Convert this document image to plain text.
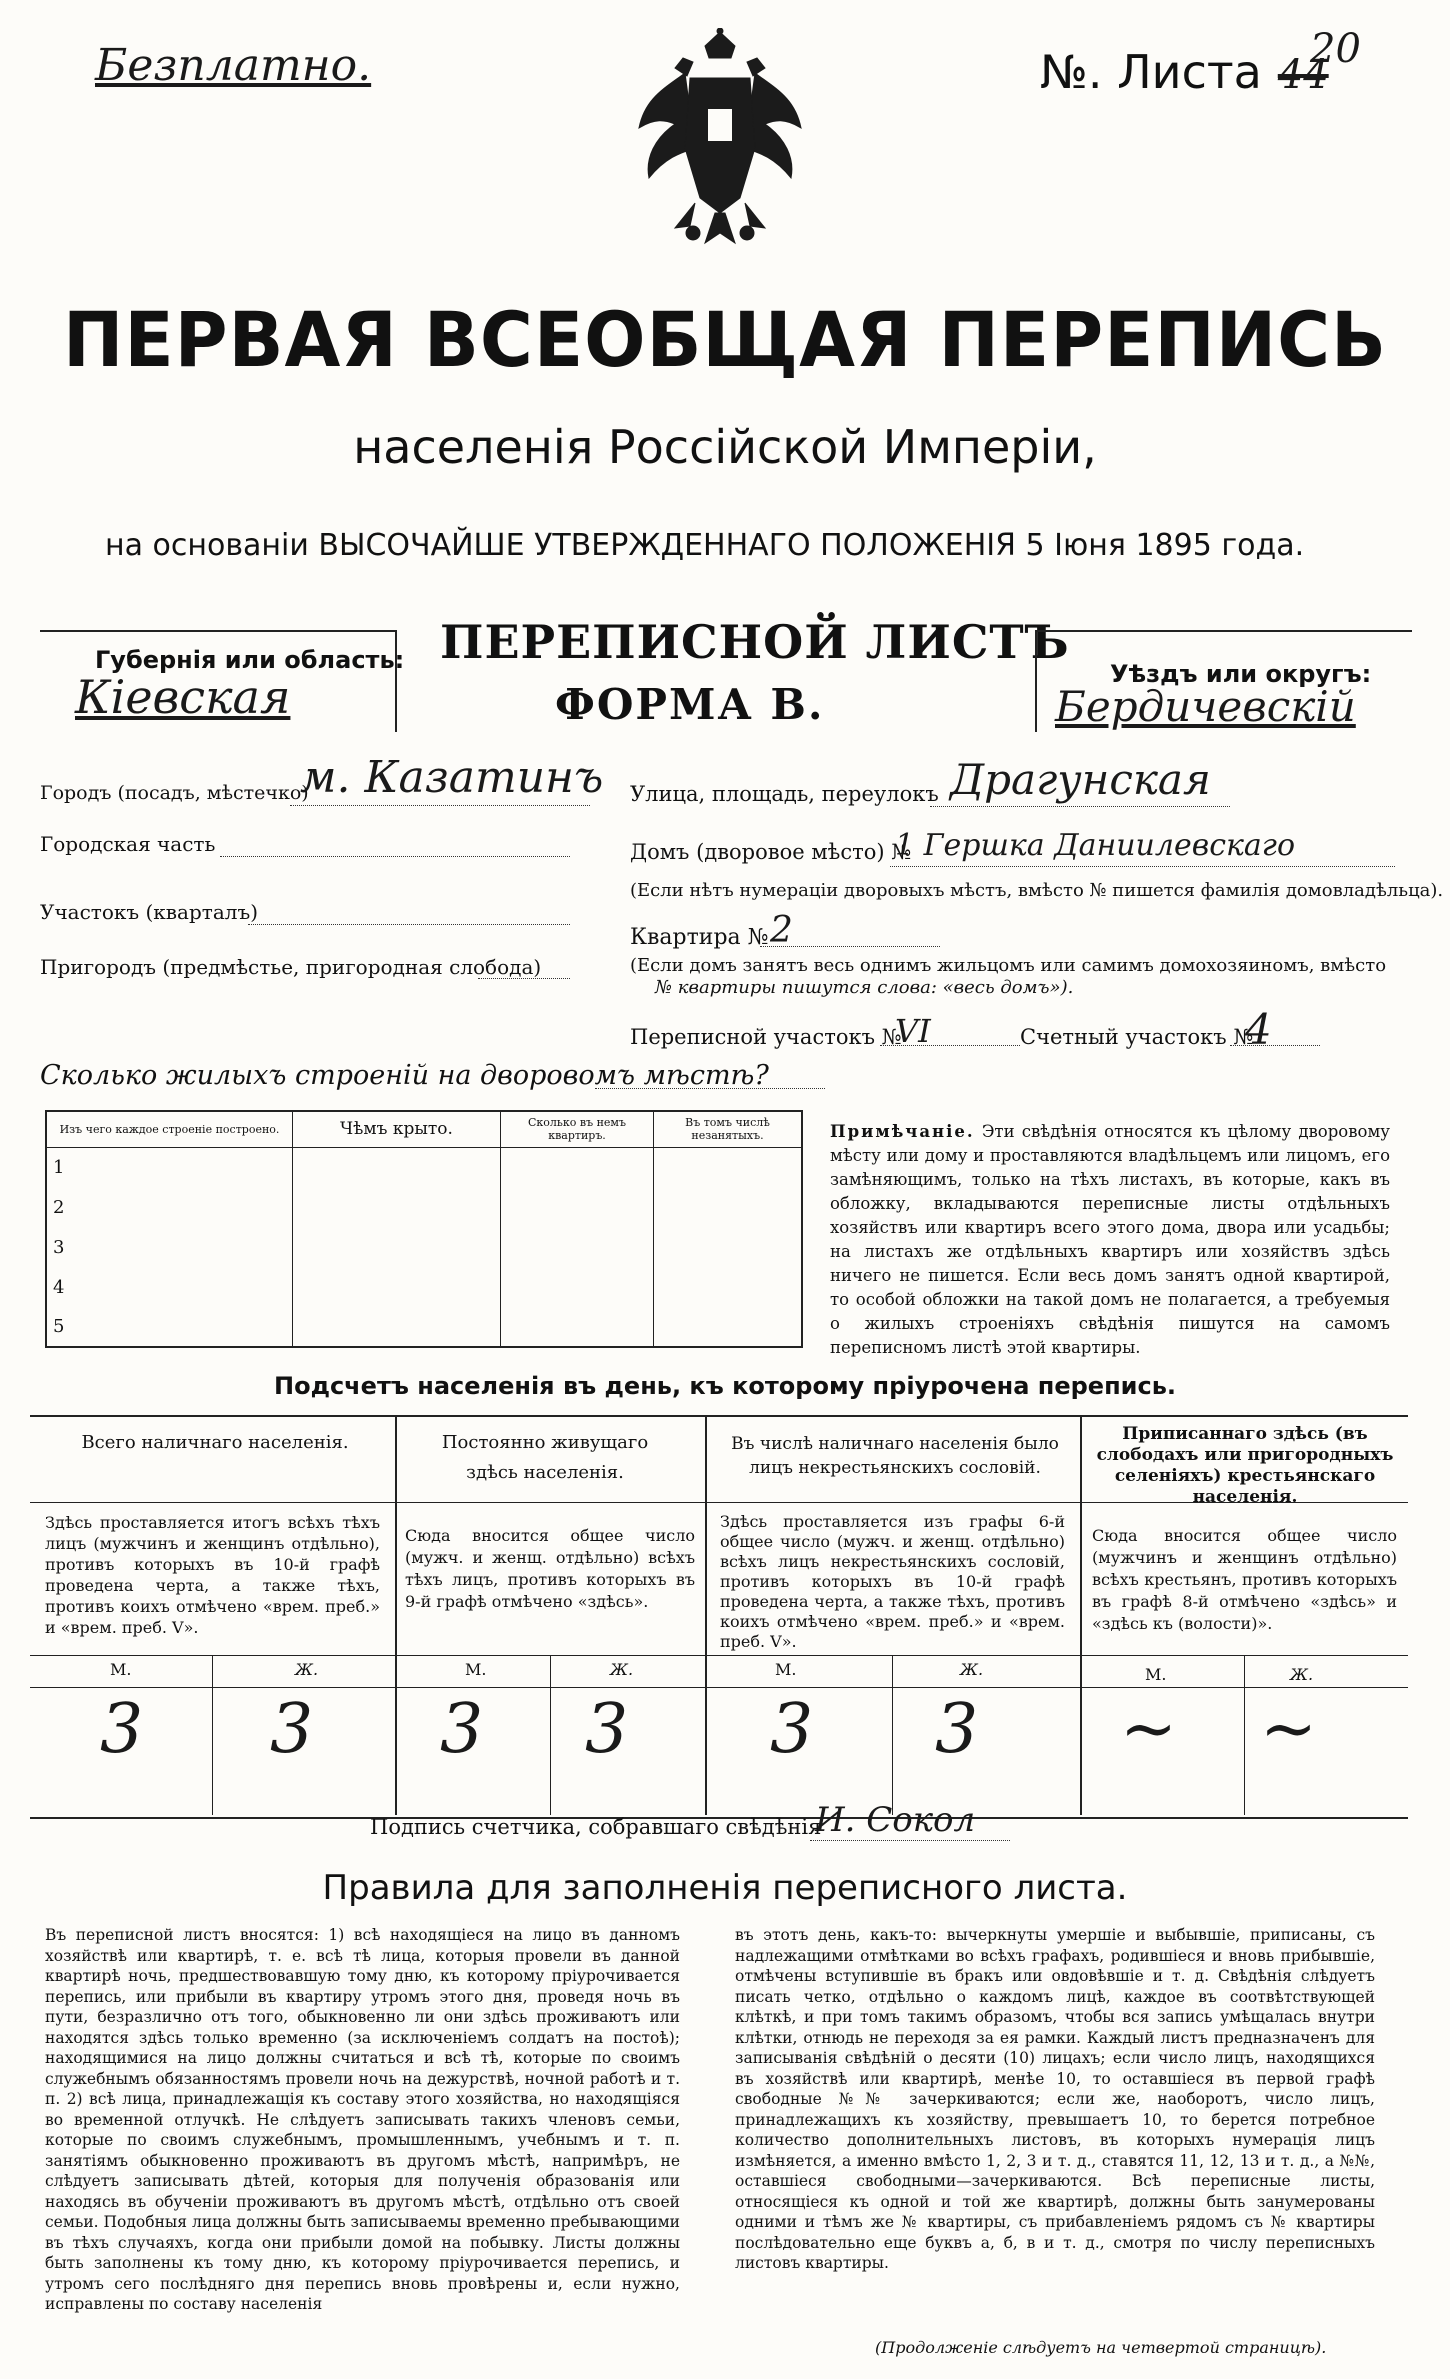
Безплатно.	№. Листа 44
20
ПЕРВАЯ ВСЕОБЩАЯ ПЕРЕПИСЬ
населенія Россійской Имперіи,
на основаніи ВЫСОЧАЙШЕ УТВЕРЖДЕННАГО ПОЛОЖЕНІЯ 5 Іюня 1895 года.
Губернія или область:
Кіевская
ПЕРЕПИСНОЙ ЛИСТЪ
ФОРМА В.
Уѣздъ или округъ:
Бердичевскій
Городъ (посадъ, мѣстечко)
м. Казатинъ
Городская часть
Участокъ (кварталъ)
Пригородъ (предмѣстье, пригородная слобода)
Улица, площадь, переулокъ Драгунская
Домъ (дворовое мѣсто) №
1 Гершка Даниилевскаго
(Если нѣтъ нумераціи дворовыхъ мѣстъ, вмѣсто № пишется фамилія домовладѣльца).
Квартира № 2
(Если домъ занятъ весь однимъ жильцомъ или самимъ домохозяиномъ, вмѣсто
№ квартиры пишутся слова: «весь домъ»).
Переписной участокъ №
VI	Счетный участокъ №
4
Сколько жилыхъ строеній на дворовомъ мѣстѣ?
Изъ чего каждое строеніе построено.	Чѣмъ крыто.	Сколько въ немъ квартиръ.	Въ томъ числѣ незанятыхъ.
1			
2			
3			
4			
5			
Примѣчаніе. Эти свѣдѣнія относятся къ цѣлому дворовому мѣсту или дому и проставляются владѣльцемъ или лицомъ, его замѣняющимъ, только на тѣхъ листахъ, въ которые, какъ въ обложку, вкладываются переписные листы отдѣльныхъ хозяйствъ или квартиръ всего этого дома, двора или усадьбы; на листахъ же отдѣльныхъ квартиръ или хозяйствъ здѣсь ничего не пишется. Если весь домъ занятъ одной квартирой, то особой обложки на такой домъ не полагается, а требуемыя о жилыхъ строеніяхъ свѣдѣнія пишутся на самомъ переписномъ листѣ этой квартиры.
Подсчетъ населенія въ день, къ которому пріурочена перепись.
Всего наличнаго населенія.
Здѣсь проставляется итогъ всѣхъ тѣхъ лицъ (мужчинъ и женщинъ отдѣльно), противъ которыхъ въ 10-й графѣ проведена черта, а также тѣхъ, противъ коихъ отмѣчено «врем. преб.» и «врем. преб. V».
М.	Ж.
3 3
Постоянно живущаго здѣсь населенія.
Сюда вносится общее число (мужч. и женщ. отдѣльно) всѣхъ тѣхъ лицъ, противъ которыхъ въ 9-й графѣ отмѣчено «здѣсь».
М.	Ж.
3 3
Въ числѣ наличнаго населенія было лицъ некрестьянскихъ сословій.
Здѣсь проставляется изъ графы 6-й общее число (мужч. и женщ. отдѣльно) всѣхъ лицъ некрестьянскихъ сословій, противъ которыхъ въ 10-й графѣ проведена черта, а также тѣхъ, противъ коихъ отмѣчено «врем. преб.» и «врем. преб. V».
М.	Ж.
3 3
Приписаннаго здѣсь (въ слободахъ или пригородныхъ селеніяхъ) крестьянскаго населенія.
Сюда вносится общее число (мужчинъ и женщинъ отдѣльно) всѣхъ крестьянъ, противъ которыхъ въ графѣ 8-й отмѣчено «здѣсь» и «здѣсь къ (волости)».
М.	Ж.
~ ~
Подпись счетчика, собравшаго свѣдѣнія
И. Сокол
Правила для заполненія переписного листа.
Въ переписной листъ вносятся: 1) всѣ находящіеся на лицо въ данномъ хозяйствѣ или квартирѣ, т. е. всѣ тѣ лица, которыя провели въ данной квартирѣ ночь, предшествовавшую тому дню, къ которому пріурочивается перепись, или прибыли въ квартиру утромъ этого дня, проведя ночь въ пути, безразлично отъ того, обыкновенно ли они здѣсь проживаютъ или находятся здѣсь только временно (за исключеніемъ солдатъ на постоѣ); находящимися на лицо должны считаться и всѣ тѣ, которые по своимъ служебнымъ обязанностямъ провели ночь на дежурствѣ, ночной работѣ и т. п. 2) всѣ лица, принадлежащія къ составу этого хозяйства, но находящіяся во временной отлучкѣ. Не слѣдуетъ записывать такихъ членовъ семьи, которые по своимъ служебнымъ, промышленнымъ, учебнымъ и т. п. занятіямъ обыкновенно проживаютъ въ другомъ мѣстѣ, напримѣръ, не слѣдуетъ записывать дѣтей, которыя для полученія образованія или находясь въ обученіи проживаютъ въ другомъ мѣстѣ, отдѣльно отъ своей семьи. Подобныя лица должны быть записываемы временно пребывающими въ тѣхъ случаяхъ, когда они прибыли домой на побывку. Листы должны быть заполнены къ тому дню, къ которому пріурочивается перепись, и утромъ сего послѣдняго дня перепись вновь провѣрены и, если нужно, исправлены по составу населенія
въ этотъ день, какъ-то: вычеркнуты умершіе и выбывшіе, приписаны, съ надлежащими отмѣтками во всѣхъ графахъ, родившіеся и вновь прибывшіе, отмѣчены вступившіе въ бракъ или овдовѣвшіе и т. д. Свѣдѣнія слѣдуетъ писать четко, отдѣльно о каждомъ лицѣ, каждое въ соотвѣтствующей клѣткѣ, и при томъ такимъ образомъ, чтобы вся запись умѣщалась внутри клѣтки, отнюдь не переходя за ея рамки. Каждый листъ предназначенъ для записыванія свѣдѣній о десяти (10) лицахъ; если число лицъ, находящихся въ хозяйствѣ или квартирѣ, менѣе 10, то оставшіеся въ первой графѣ свободные №№ зачеркиваются; если же, наоборотъ, число лицъ, принадлежащихъ къ хозяйству, превышаетъ 10, то берется потребное количество дополнительныхъ листовъ, въ которыхъ нумерація лицъ измѣняется, а именно вмѣсто 1, 2, 3 и т. д., ставятся 11, 12, 13 и т. д., а №№, оставшіеся свободными—зачеркиваются. Всѣ переписные листы, относящіеся къ одной и той же квартирѣ, должны быть занумерованы одними и тѣмъ же № квартиры, съ прибавленіемъ рядомъ съ № квартиры послѣдовательно еще буквъ а, б, в и т. д., смотря по числу переписныхъ листовъ квартиры.
(Продолженіе слѣдуетъ на четвертой страницѣ).
